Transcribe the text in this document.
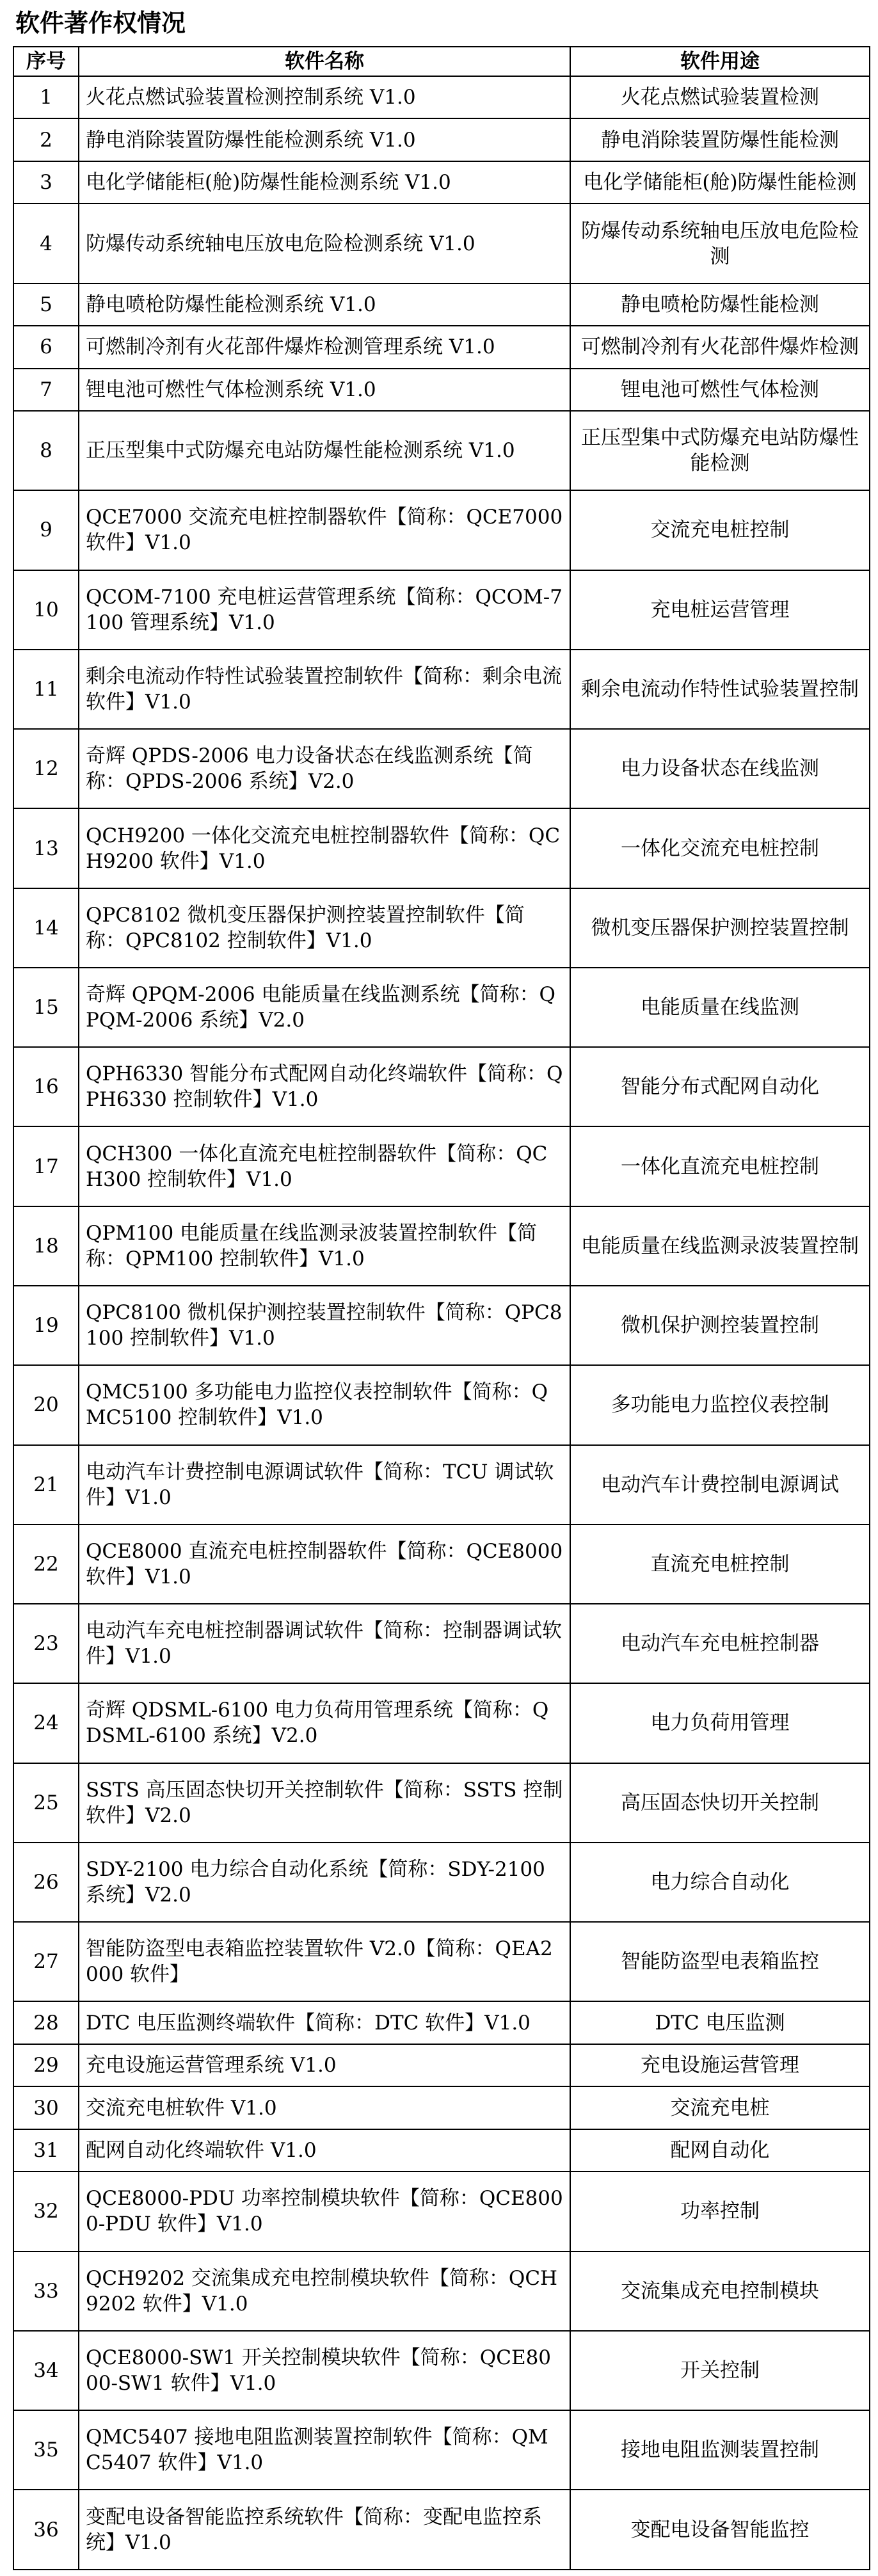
软件著作权情况
序号	软件名称	软件用途
1	火花点燃试验装置检测控制系统 V1.0	火花点燃试验装置检测
2	静电消除装置防爆性能检测系统 V1.0	静电消除装置防爆性能检测
3	电化学储能柜(舱)防爆性能检测系统 V1.0	电化学储能柜(舱)防爆性能检测
4	防爆传动系统轴电压放电危险检测系统 V1.0	防爆传动系统轴电压放电危险检测
5	静电喷枪防爆性能检测系统 V1.0	静电喷枪防爆性能检测
6	可燃制冷剂有火花部件爆炸检测管理系统 V1.0	可燃制冷剂有火花部件爆炸检测
7	锂电池可燃性气体检测系统 V1.0	锂电池可燃性气体检测
8	正压型集中式防爆充电站防爆性能检测系统 V1.0	正压型集中式防爆充电站防爆性能检测
9	QCE7000 交流充电桩控制器软件【简称：QCE7000 软件】V1.0	交流充电桩控制
10	QCOM-7100 充电桩运营管理系统【简称：QCOM-7100 管理系统】V1.0	充电桩运营管理
11	剩余电流动作特性试验装置控制软件【简称：剩余电流软件】V1.0	剩余电流动作特性试验装置控制
12	奇辉 QPDS-2006 电力设备状态在线监测系统【简称：QPDS-2006 系统】V2.0	电力设备状态在线监测
13	QCH9200 一体化交流充电桩控制器软件【简称：QCH9200 软件】V1.0	一体化交流充电桩控制
14	QPC8102 微机变压器保护测控装置控制软件【简称：QPC8102 控制软件】V1.0	微机变压器保护测控装置控制
15	奇辉 QPQM-2006 电能质量在线监测系统【简称：QPQM-2006 系统】V2.0	电能质量在线监测
16	QPH6330 智能分布式配网自动化终端软件【简称：QPH6330 控制软件】V1.0	智能分布式配网自动化
17	QCH300 一体化直流充电桩控制器软件【简称：QCH300 控制软件】V1.0	一体化直流充电桩控制
18	QPM100 电能质量在线监测录波装置控制软件【简称：QPM100 控制软件】V1.0	电能质量在线监测录波装置控制
19	QPC8100 微机保护测控装置控制软件【简称：QPC8100 控制软件】V1.0	微机保护测控装置控制
20	QMC5100 多功能电力监控仪表控制软件【简称：QMC5100 控制软件】V1.0	多功能电力监控仪表控制
21	电动汽车计费控制电源调试软件【简称：TCU 调试软件】V1.0	电动汽车计费控制电源调试
22	QCE8000 直流充电桩控制器软件【简称：QCE8000 软件】V1.0	直流充电桩控制
23	电动汽车充电桩控制器调试软件【简称：控制器调试软件】V1.0	电动汽车充电桩控制器
24	奇辉 QDSML-6100 电力负荷用管理系统【简称：QDSML-6100 系统】V2.0	电力负荷用管理
25	SSTS 高压固态快切开关控制软件【简称：SSTS 控制软件】V2.0	高压固态快切开关控制
26	SDY-2100 电力综合自动化系统【简称：SDY-2100 系统】V2.0	电力综合自动化
27	智能防盗型电表箱监控装置软件 V2.0【简称：QEA2000 软件】	智能防盗型电表箱监控
28	DTC 电压监测终端软件【简称：DTC 软件】V1.0	DTC 电压监测
29	充电设施运营管理系统 V1.0	充电设施运营管理
30	交流充电桩软件 V1.0	交流充电桩
31	配网自动化终端软件 V1.0	配网自动化
32	QCE8000-PDU 功率控制模块软件【简称：QCE8000-PDU 软件】V1.0	功率控制
33	QCH9202 交流集成充电控制模块软件【简称：QCH9202 软件】V1.0	交流集成充电控制模块
34	QCE8000-SW1 开关控制模块软件【简称：QCE8000-SW1 软件】V1.0	开关控制
35	QMC5407 接地电阻监测装置控制软件【简称：QMC5407 软件】V1.0	接地电阻监测装置控制
36	变配电设备智能监控系统软件【简称：变配电监控系统】V1.0	变配电设备智能监控
